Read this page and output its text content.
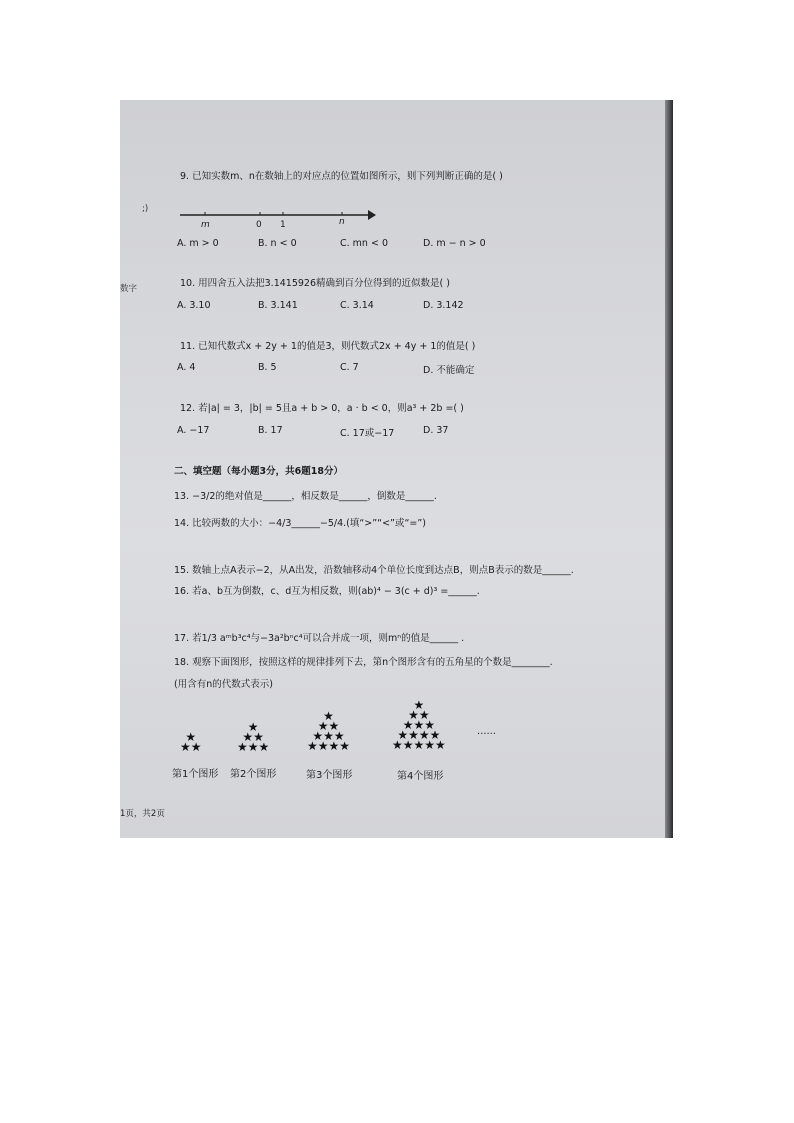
;)
数字
9. 已知实数m、n在数轴上的对应点的位置如图所示，则下列判断正确的是( )
m	0 1	n
A. m > 0	B. n < 0	C. mn < 0	D. m − n > 0
10. 用四舍五入法把3.1415926精确到百分位得到的近似数是( )
A. 3.10	B. 3.141	C. 3.14	D. 3.142
11. 已知代数式x + 2y + 1的值是3，则代数式2x + 4y + 1的值是( )
A. 4	B. 5	C. 7	D. 不能确定
12. 若|a| = 3，|b| = 5且a + b > 0，a · b < 0，则a³ + 2b =( )
A. −17	B. 17	C. 17或−17	D. 37
二、填空题（每小题3分，共6题18分）
13. −3/2的绝对值是______，相反数是______，倒数是______.
14. 比较两数的大小：−4/3______−5/4.(填“>”“<”或“=”)
15. 数轴上点A表示−2，从A出发，沿数轴移动4个单位长度到达点B，则点B表示的数是______.
16. 若a、b互为倒数，c、d互为相反数，则(ab)⁴ − 3(c + d)³ =______.
17. 若1/3 aᵐb³c⁴与−3a²bⁿc⁴可以合并成一项，则mⁿ的值是______ .
18. 观察下面图形，按照这样的规律排列下去，第n个图形含有的五角星的个数是________.
(用含有n的代数式表示)
★
★★
★
★★
★★★
★
★★
★★★
★★★★
★
★★
★★★
★★★★
★★★★★
……
第1个图形 第2个图形	第3个图形	第4个图形
1页，共2页
